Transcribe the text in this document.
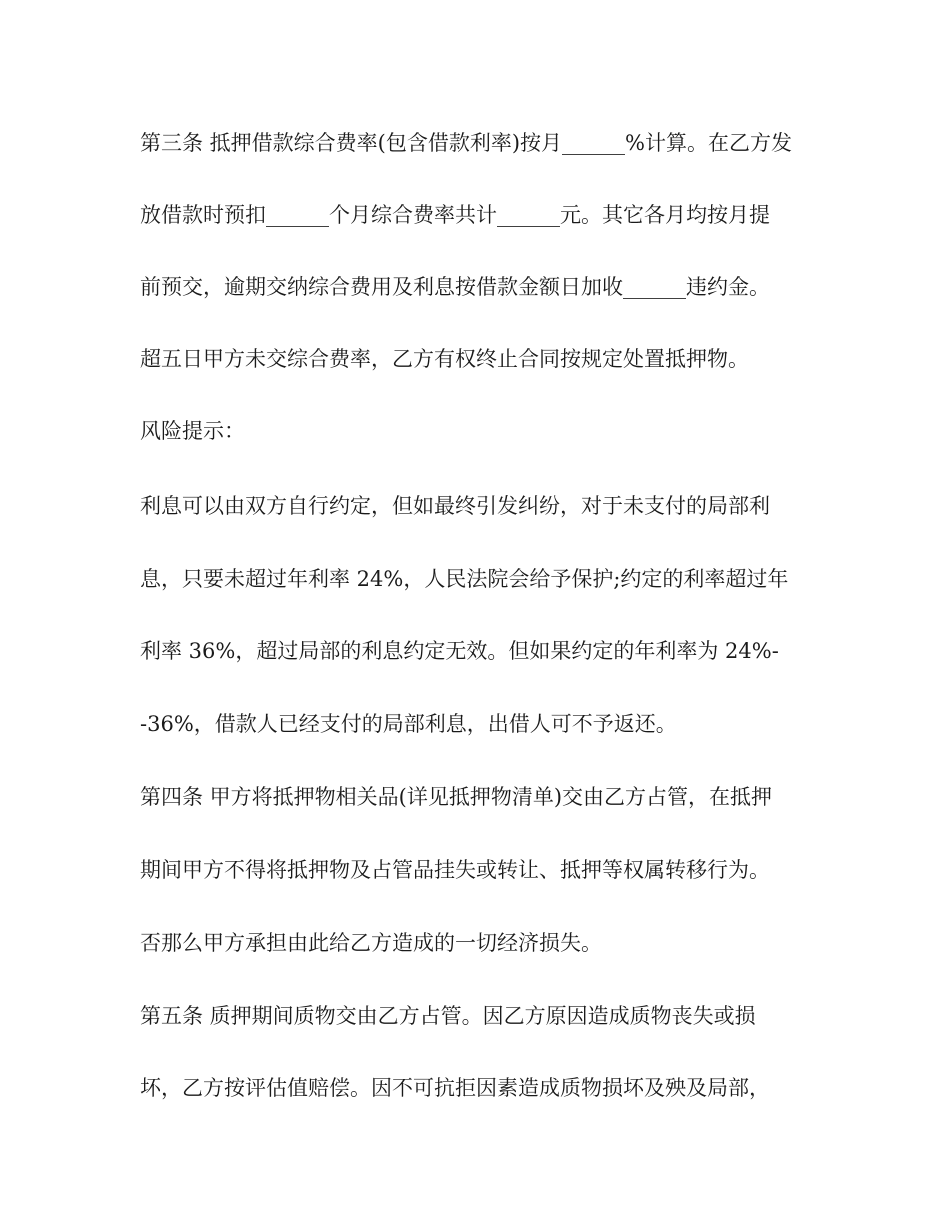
第三条 抵押借款综合费率(包含借款利率)按月______%计算。在乙方发
放借款时预扣______个月综合费率共计______元。其它各月均按月提
前预交，逾期交纳综合费用及利息按借款金额日加收______违约金。
超五日甲方未交综合费率，乙方有权终止合同按规定处置抵押物。
风险提示：
利息可以由双方自行约定，但如最终引发纠纷，对于未支付的局部利
息，只要未超过年利率 24%，人民法院会给予保护;约定的利率超过年
利率 36%，超过局部的利息约定无效。但如果约定的年利率为 24%-
-36%，借款人已经支付的局部利息，出借人可不予返还。
第四条 甲方将抵押物相关品(详见抵押物清单)交由乙方占管，在抵押
期间甲方不得将抵押物及占管品挂失或转让、抵押等权属转移行为。
否那么甲方承担由此给乙方造成的一切经济损失。
第五条 质押期间质物交由乙方占管。因乙方原因造成质物丧失或损
坏，乙方按评估值赔偿。因不可抗拒因素造成质物损坏及殃及局部，
